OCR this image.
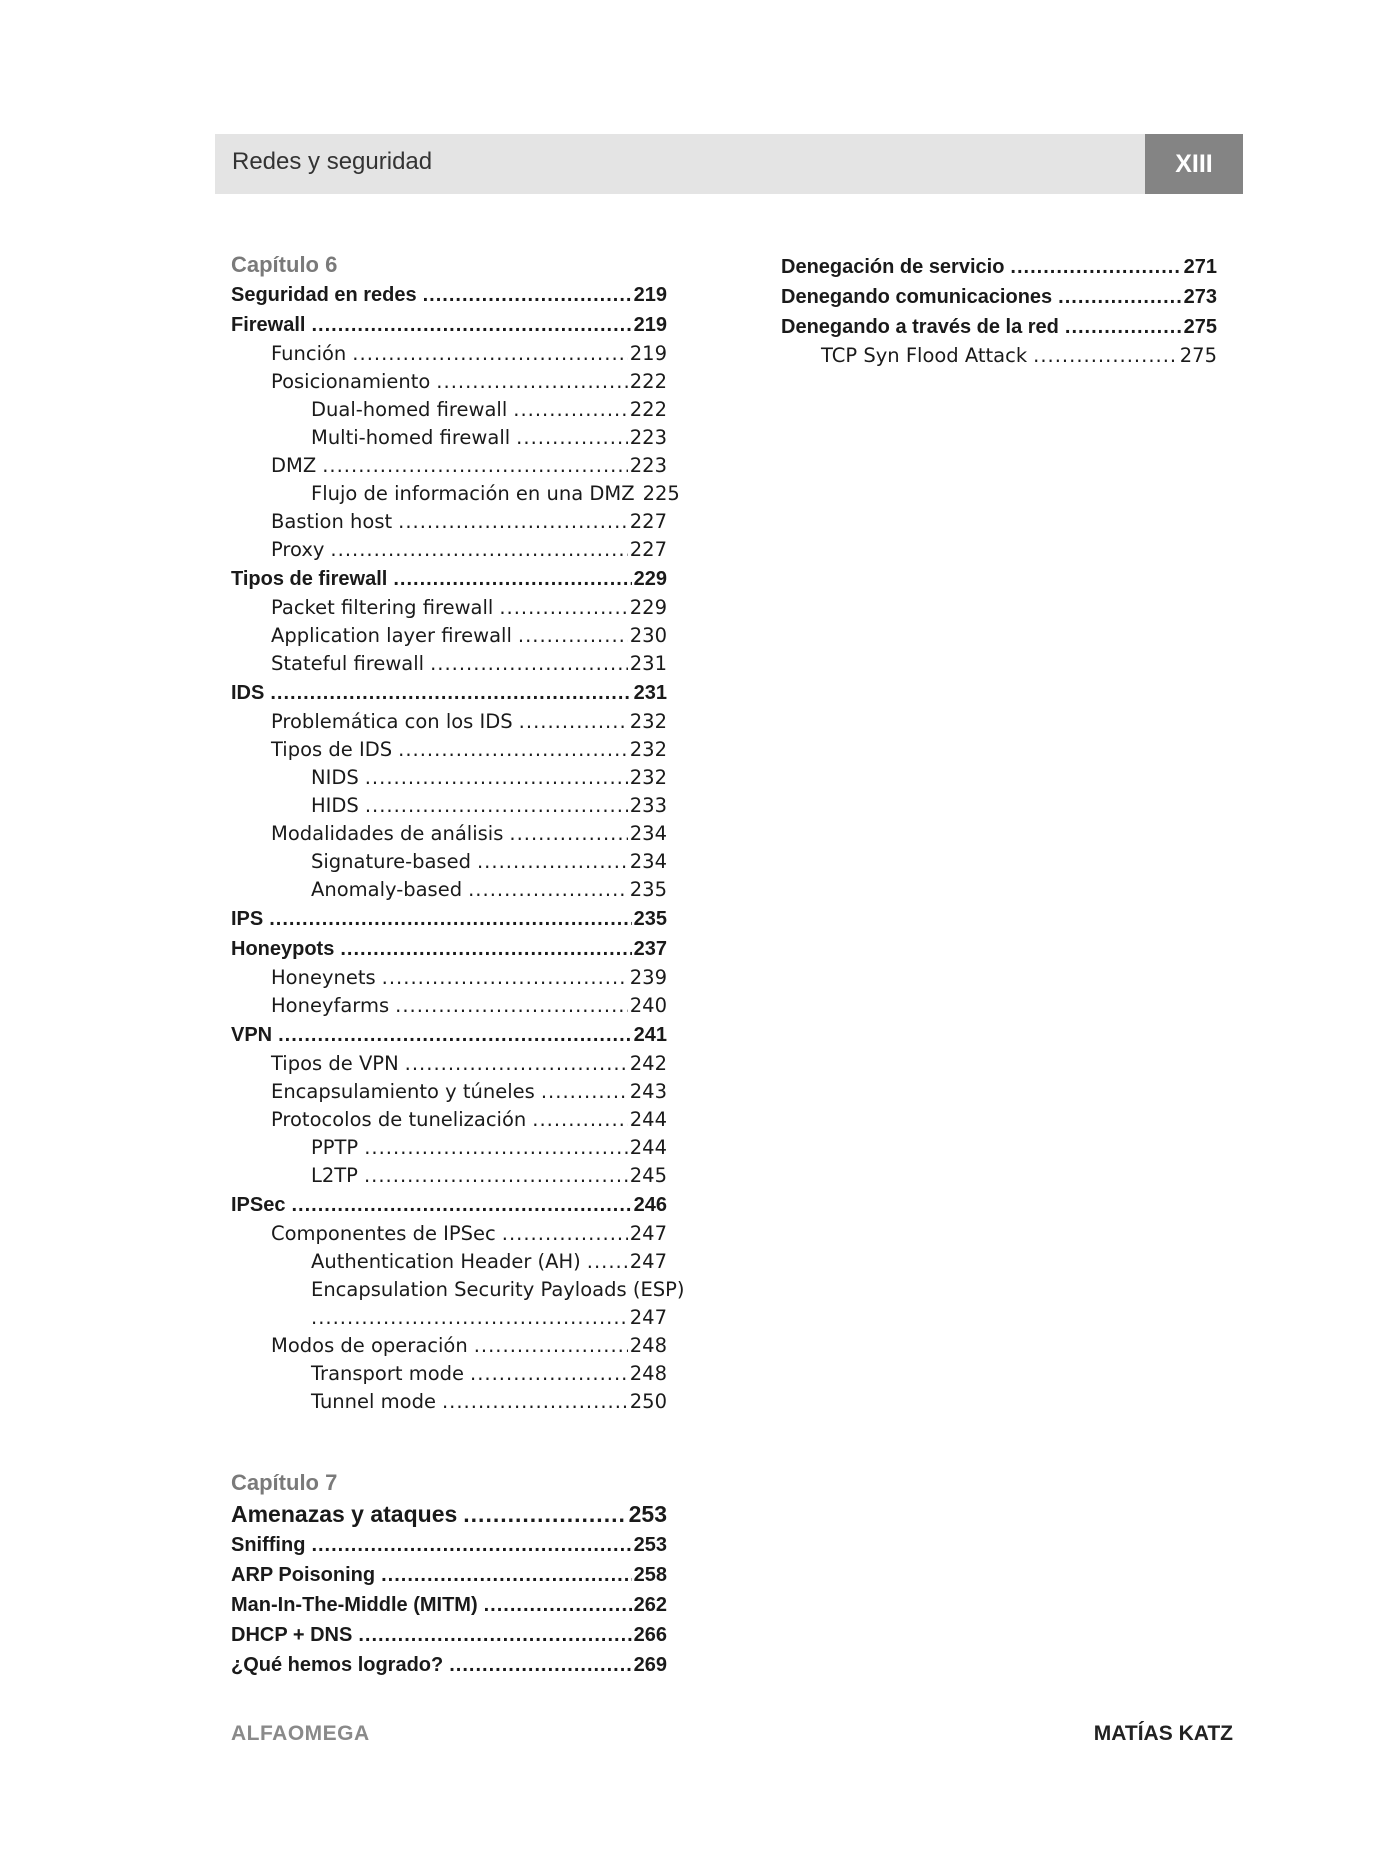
Redes y seguridad	XIII
Capítulo 6
Seguridad en redes .....	219
Firewall .....	219
Función .....	219
Posicionamiento .....	222
Dual-homed firewall .....	222
Multi-homed firewall .....	223
DMZ .....	223
Flujo de información en una DMZ 225
Bastion host .....	227
Proxy .....	227
Tipos de firewall .....	229
Packet filtering firewall .....	229
Application layer firewall .....	230
Stateful firewall .....	231
IDS .....	231
Problemática con los IDS .....	232
Tipos de IDS .....	232
NIDS .....	232
HIDS .....	233
Modalidades de análisis .....	234
Signature-based .....	234
Anomaly-based .....	235
IPS .....	235
Honeypots .....	237
Honeynets .....	239
Honeyfarms .....	240
VPN .....	241
Tipos de VPN .....	242
Encapsulamiento y túneles .....	243
Protocolos de tunelización .....	244
PPTP .....	244
L2TP .....	245
IPSec .....	246
Componentes de IPSec .....	247
Authentication Header (AH) .....	247
Encapsulation Security Payloads (ESP)
.....
247
Modos de operación .....	248
Transport mode .....	248
Tunnel mode .....	250
Capítulo 7
Amenazas y ataques .....	253
Sniffing .....	253
ARP Poisoning .....	258
Man-In-The-Middle (MITM) .....	262
DHCP + DNS .....	266
¿Qué hemos logrado? .....	269
Denegación de servicio .....	271
Denegando comunicaciones .....	273
Denegando a través de la red .....	275
TCP Syn Flood Attack .....	275
ALFAOMEGA	MATÍAS KATZ
